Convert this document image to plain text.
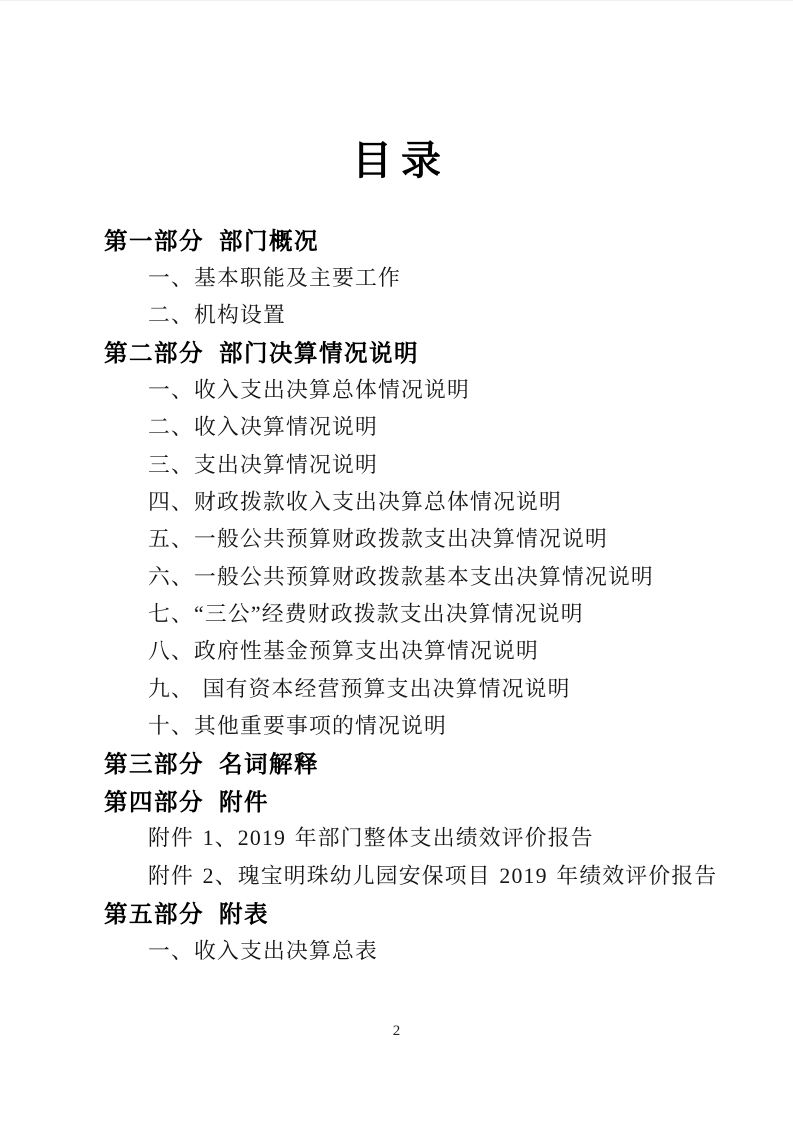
目录
第一部分 部门概况
一、基本职能及主要工作
二、机构设置
第二部分 部门决算情况说明
一、收入支出决算总体情况说明
二、收入决算情况说明
三、支出决算情况说明
四、财政拨款收入支出决算总体情况说明
五、一般公共预算财政拨款支出决算情况说明
六、一般公共预算财政拨款基本支出决算情况说明
七、“三公”经费财政拨款支出决算情况说明
八、政府性基金预算支出决算情况说明
九、 国有资本经营预算支出决算情况说明
十、其他重要事项的情况说明
第三部分 名词解释
第四部分 附件
附件 1、2019 年部门整体支出绩效评价报告
附件 2、瑰宝明珠幼儿园安保项目 2019 年绩效评价报告
第五部分 附表
一、收入支出决算总表
2
